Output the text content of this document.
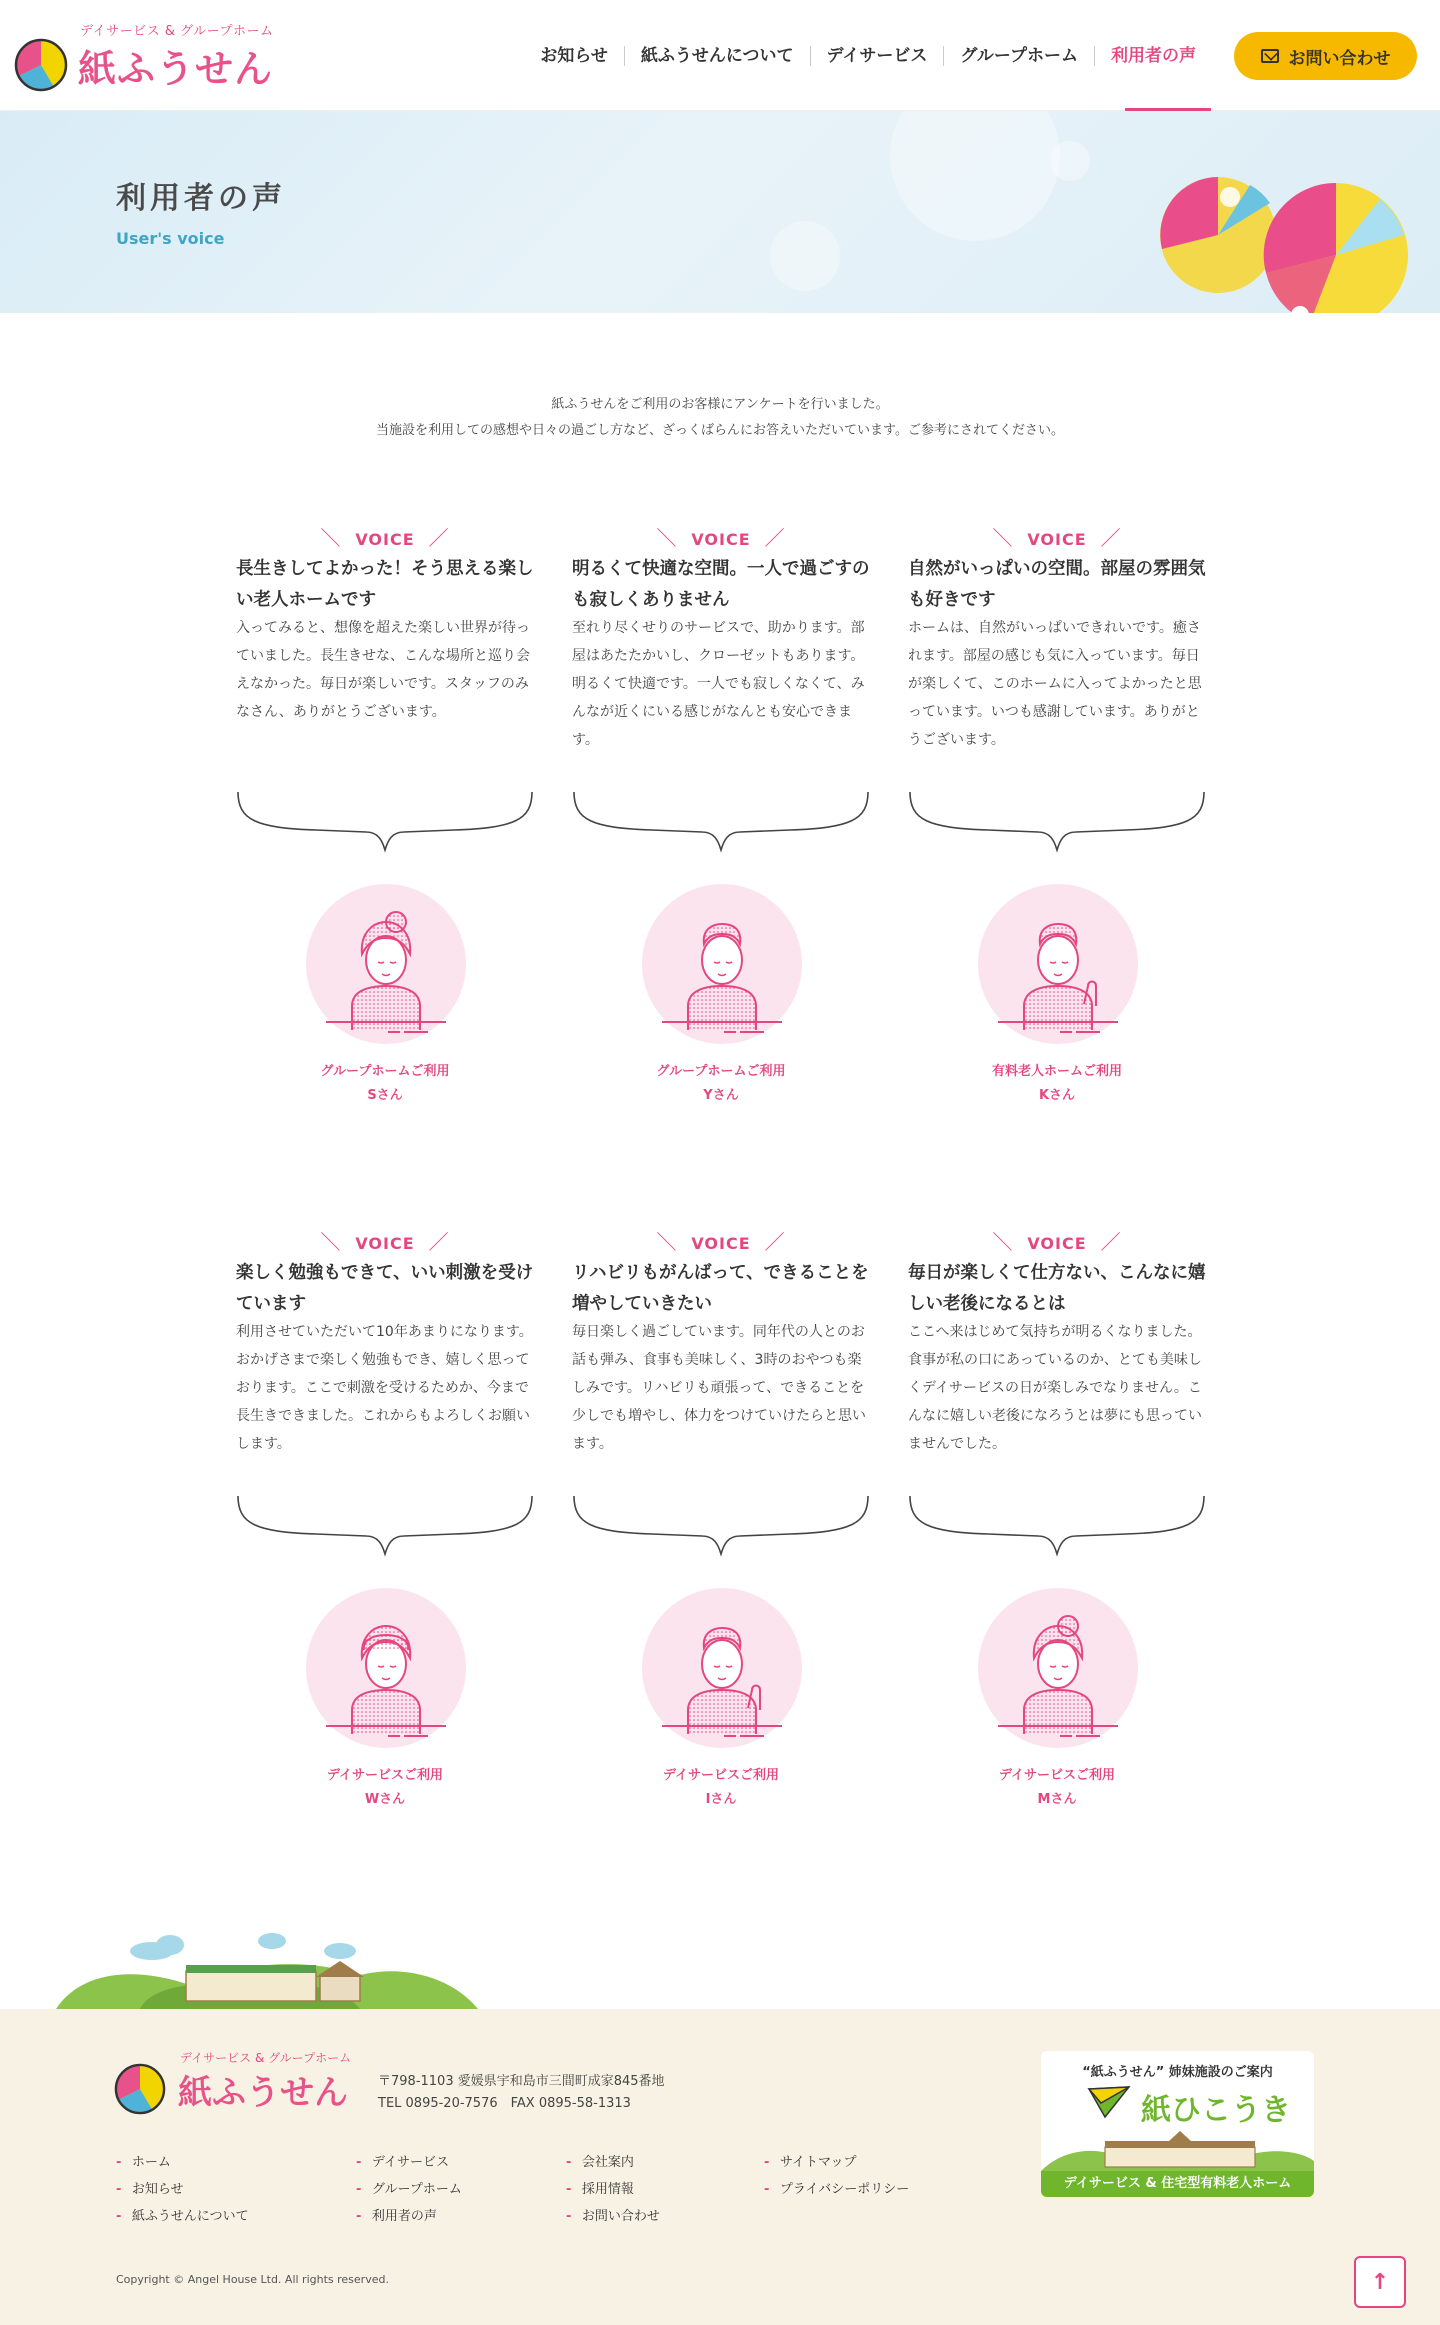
デイサービス & グループホーム
紙ふうせん	お知らせ	紙ふうせんについて	デイサービス	グループホーム	利用者の声	お問い合わせ
利用者の声
User's voice

紙ふうせんをご利用のお客様にアンケートを行いました。

当施設を利用しての感想や日々の過ごし方など、ざっくばらんにお答えいただいています。ご参考にされてください。

＼ VOICE ／
長生きしてよかった！そう思える楽しい老人ホームです
入ってみると、想像を超えた楽しい世界が待っていました。長生きせな、こんな場所と巡り会えなかった。毎日が楽しいです。スタッフのみなさん、ありがとうございます。
グループホームご利用
Sさん
＼ VOICE ／
明るくて快適な空間。一人で過ごすのも寂しくありません
至れり尽くせりのサービスで、助かります。部屋はあたたかいし、クローゼットもあります。明るくて快適です。一人でも寂しくなくて、みんなが近くにいる感じがなんとも安心できます。
グループホームご利用
Yさん
＼ VOICE ／
自然がいっぱいの空間。部屋の雰囲気も好きです
ホームは、自然がいっぱいできれいです。癒されます。部屋の感じも気に入っています。毎日が楽しくて、このホームに入ってよかったと思っています。いつも感謝しています。ありがとうございます。
有料老人ホームご利用
Kさん
＼ VOICE ／
楽しく勉強もできて、いい刺激を受けています
利用させていただいて10年あまりになります。おかげさまで楽しく勉強もでき、嬉しく思っております。ここで刺激を受けるためか、今まで長生きできました。これからもよろしくお願いします。
デイサービスご利用
Wさん
＼ VOICE ／
リハビリもがんばって、できることを増やしていきたい
毎日楽しく過ごしています。同年代の人とのお話も弾み、食事も美味しく、3時のおやつも楽しみです。リハビリも頑張って、できることを少しでも増やし、体力をつけていけたらと思います。
デイサービスご利用
Iさん
＼ VOICE ／
毎日が楽しくて仕方ない、こんなに嬉しい老後になるとは
ここへ来はじめて気持ちが明るくなりました。食事が私の口にあっているのか、とても美味しくデイサービスの日が楽しみでなりません。こんなに嬉しい老後になろうとは夢にも思っていませんでした。
デイサービスご利用
Mさん
デイサービス & グループホーム
紙ふうせん 〒798-1103 愛媛県宇和島市三間町成家845番地
TEL 0895-20-7576　FAX 0895-58-1313
- ホーム
- お知らせ
- 紙ふうせんについて
- デイサービス
- グループホーム
- 利用者の声
- 会社案内
- 採用情報
- お問い合わせ
- サイトマップ
- プライバシーポリシー
“紙ふうせん” 姉妹施設のご案内
紙ひこうき
デイサービス & 住宅型有料老人ホーム
Copyright © Angel House Ltd. All rights reserved.	↑
